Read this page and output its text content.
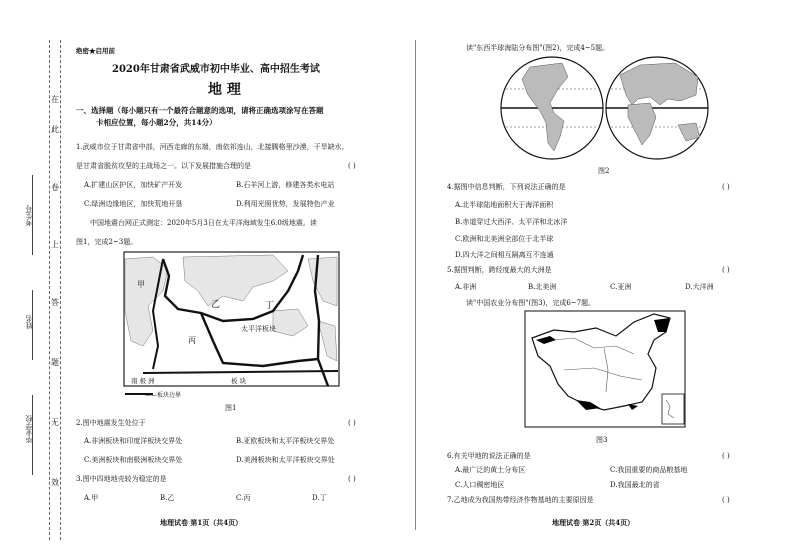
在
此
卷
上
答
题
无
效
考生号
姓名
毕业学校
绝密★启用前
2020年甘肃省武威市初中毕业、高中招生考试
地 理
一、选择题（每小题只有一个最符合题意的选项，请将正确选项涂写在答题
卡相应位置，每小题2分，共14分）
1.武威市位于甘肃省中部，河西走廊的东端，南依祁连山，北接腾格里沙漠，干旱缺水，
是甘肃省脱贫攻坚的主战场之一。以下发展措施合理的是	( )
A.扩建山区护区，加快矿产开发	B.石羊河上游，修建各类水电站
C.绿洲边缘地区，加快荒地开垦	D.利用光照优势，发展特色产业
中国地震台网正式测定：2020年5月3日在太平洋海域发生6.0级地震。读
图1，完成2~3题。
甲
乙
丙
丁
太平洋板块
南 极 洲	板 块
——板块边界
图1
2.图中地震发生处位于	( )
A.非洲板块和印度洋板块交界处	B.亚欧板块和太平洋板块交界处
C.美洲板块和南极洲板块交界处	D.美洲板块和太平洋板块交界处
3.图中四地地壳较为稳定的是	( )
A.甲	B.乙	C.丙	D.丁
地理试卷 第1页（共4页）
读"东西半球海陆分布图"(图2)，完成4~5题。
图2
4.据图中信息判断，下列说法正确的是	( )
A.北半球陆地面积大于海洋面积
B.赤道穿过大西洋、太平洋和北冰洋
C.欧洲和北美洲全部位于北半球
D.四大洋之间相互隔离互不连通
5.据图判断，跨经度最大的大洲是	( )
A.非洲	B.北美洲	C.亚洲	D.大洋洲
读"中国农业分布图"(图3)，完成6~7题。
图3
6.有关甲地的说法正确的是	( )
A.最广泛的黄土分布区	C.我国重要的商品粮基地
C.人口稠密地区	D.我国最北的省
7.乙地成为我国热带经济作物基地的主要原因是	( )
地理试卷 第2页（共4页）
